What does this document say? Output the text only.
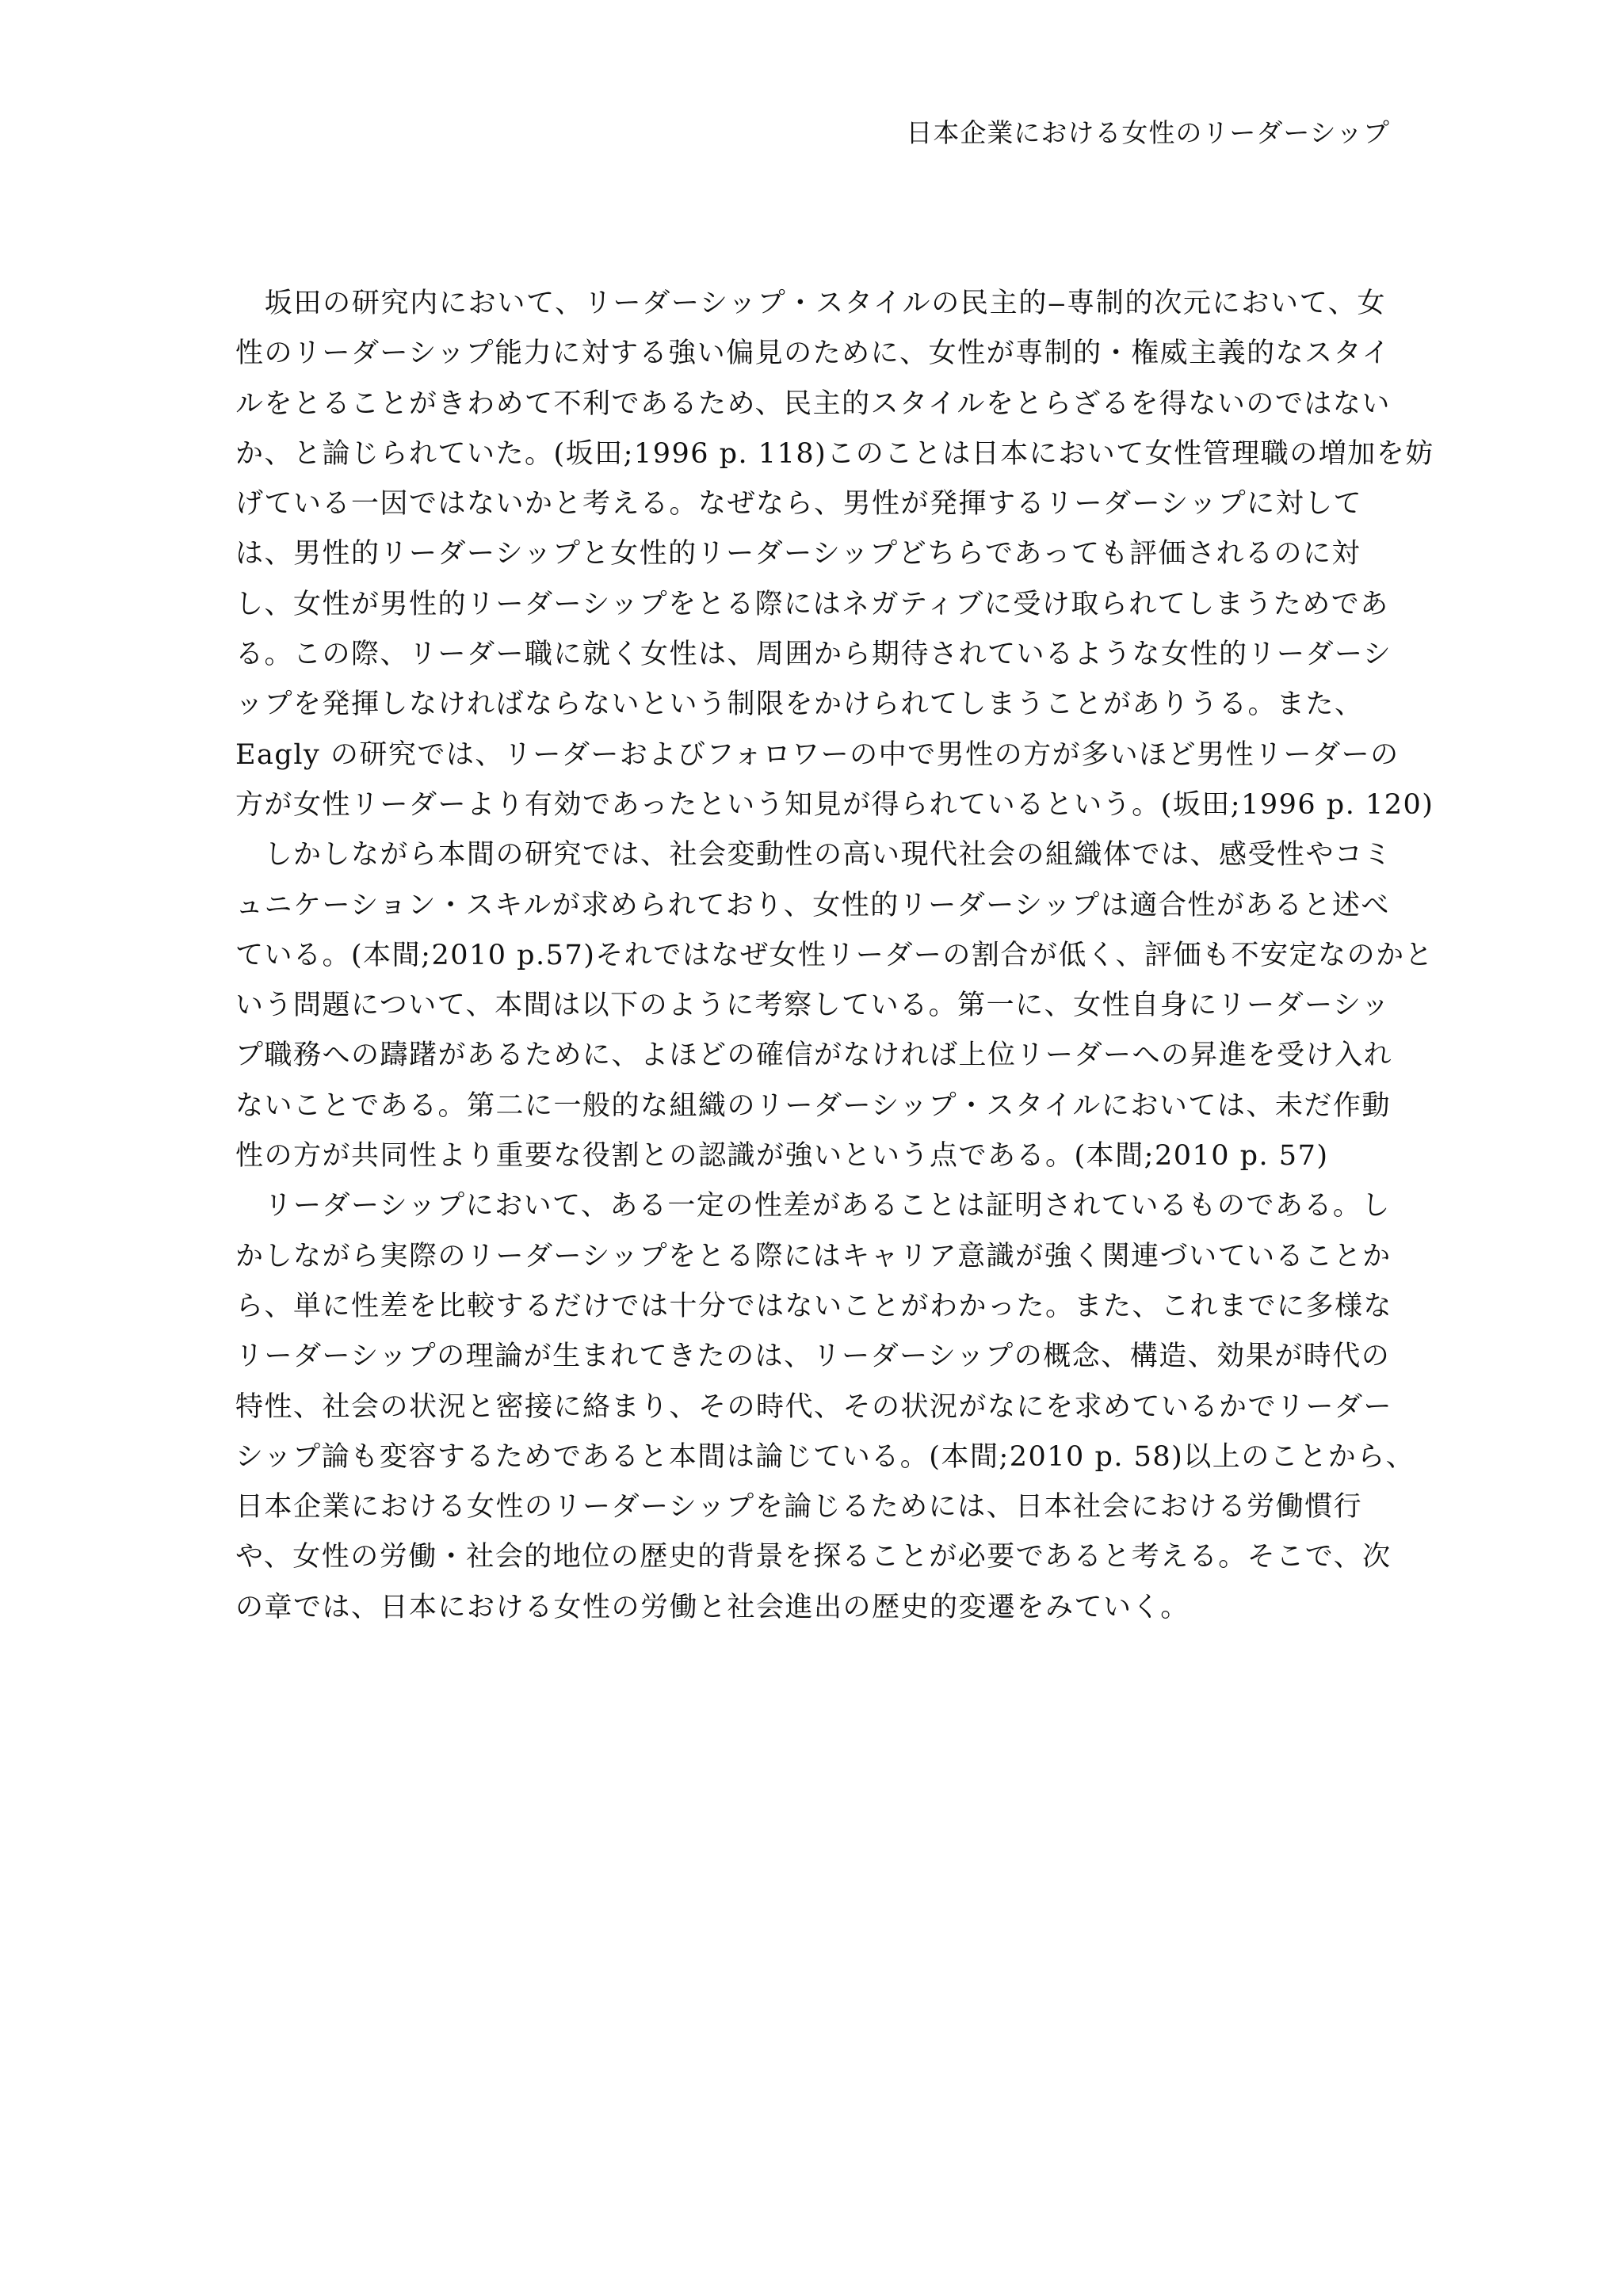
日本企業における女性のリーダーシップ
　坂田の研究内において、リーダーシップ・スタイルの民主的‒専制的次元において、女
性のリーダーシップ能力に対する強い偏見のために、女性が専制的・権威主義的なスタイ
ルをとることがきわめて不利であるため、民主的スタイルをとらざるを得ないのではない
か、と論じられていた。(坂田;1996 p. 118)このことは日本において女性管理職の増加を妨
げている一因ではないかと考える。なぜなら、男性が発揮するリーダーシップに対して
は、男性的リーダーシップと女性的リーダーシップどちらであっても評価されるのに対
し、女性が男性的リーダーシップをとる際にはネガティブに受け取られてしまうためであ
る。この際、リーダー職に就く女性は、周囲から期待されているような女性的リーダーシ
ップを発揮しなければならないという制限をかけられてしまうことがありうる。また、
Eagly の研究では、リーダーおよびフォロワーの中で男性の方が多いほど男性リーダーの
方が女性リーダーより有効であったという知見が得られているという。(坂田;1996 p. 120)
　しかしながら本間の研究では、社会変動性の高い現代社会の組織体では、感受性やコミ
ュニケーション・スキルが求められており、女性的リーダーシップは適合性があると述べ
ている。(本間;2010 p.57)それではなぜ女性リーダーの割合が低く、評価も不安定なのかと
いう問題について、本間は以下のように考察している。第一に、女性自身にリーダーシッ
プ職務への躊躇があるために、よほどの確信がなければ上位リーダーへの昇進を受け入れ
ないことである。第二に一般的な組織のリーダーシップ・スタイルにおいては、未だ作動
性の方が共同性より重要な役割との認識が強いという点である。(本間;2010 p. 57)
　リーダーシップにおいて、ある一定の性差があることは証明されているものである。し
かしながら実際のリーダーシップをとる際にはキャリア意識が強く関連づいていることか
ら、単に性差を比較するだけでは十分ではないことがわかった。また、これまでに多様な
リーダーシップの理論が生まれてきたのは、リーダーシップの概念、構造、効果が時代の
特性、社会の状況と密接に絡まり、その時代、その状況がなにを求めているかでリーダー
シップ論も変容するためであると本間は論じている。(本間;2010 p. 58)以上のことから、
日本企業における女性のリーダーシップを論じるためには、日本社会における労働慣行
や、女性の労働・社会的地位の歴史的背景を探ることが必要であると考える。そこで、次
の章では、日本における女性の労働と社会進出の歴史的変遷をみていく。
